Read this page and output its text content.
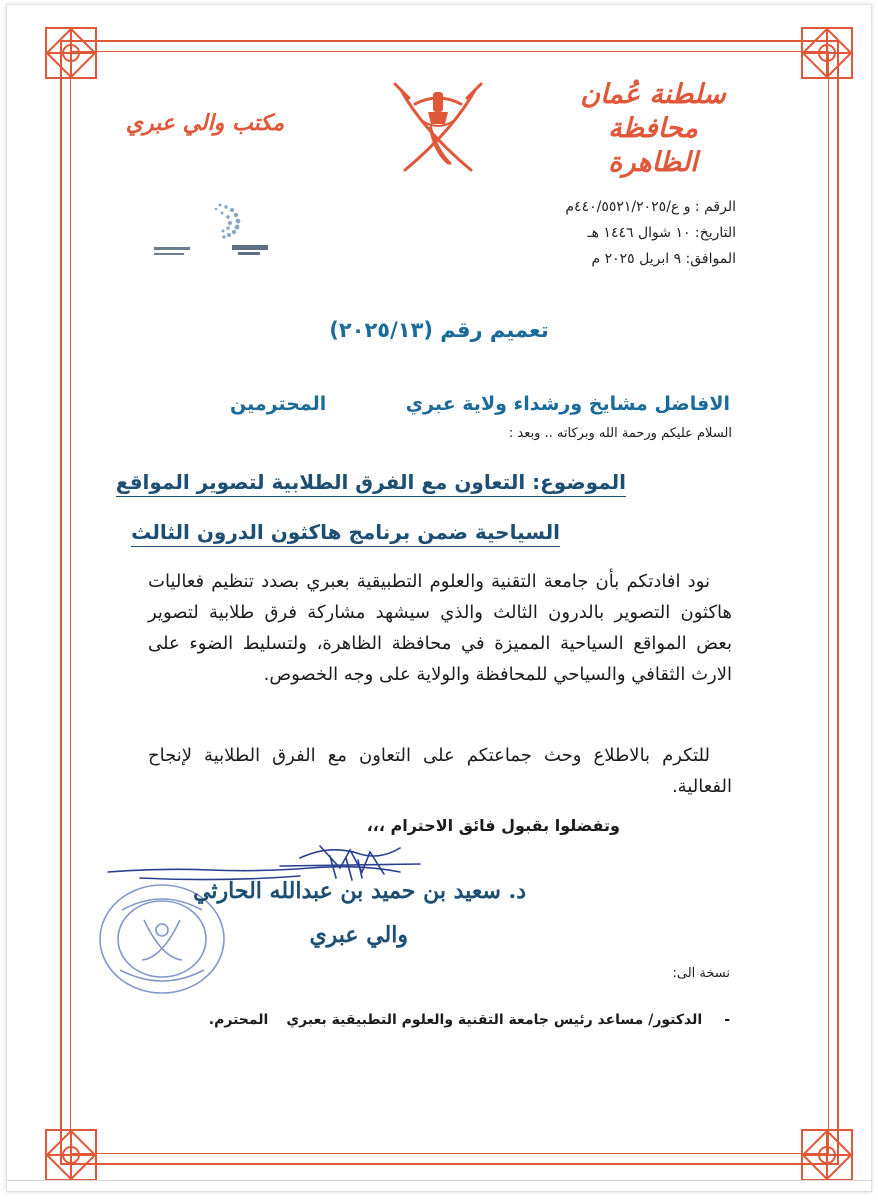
سلطنة عُمان
محافظة الظاهرة
مكتب والي عبري
الرقم : و ع/٤٤٠/٥٥٢١/٢٠٢٥م
التاريخ: ١٠ شوال ١٤٤٦ هـ
الموافق: ٩ ابريل ٢٠٢٥ م
تعميم رقم (٢٠٢٥/١٣)
الافاضل مشايخ ورشداء ولاية عبري
المحترمين
السلام عليكم ورحمة الله وبركاته .. وبعد :
الموضوع: التعاون مع الفرق الطلابية لتصوير المواقع
السياحية ضمن برنامج هاكثون الدرون الثالث
نود افادتكم بأن جامعة التقنية والعلوم التطبيقية بعبري بصدد تنظيم فعاليات هاكثون التصوير بالدرون الثالث والذي سيشهد مشاركة فرق طلابية لتصوير بعض المواقع السياحية المميزة في محافظة الظاهرة، ولتسليط الضوء على الارث الثقافي والسياحي للمحافظة والولاية على وجه الخصوص.
للتكرم بالاطلاع وحث جماعتكم على التعاون مع الفرق الطلابية لإنجاح الفعالية.
وتفضلوا بقبول فائق الاحترام ،،،
د. سعيد بن حميد بن عبدالله الحارثي
والي عبري
نسخة الى:
-الدكتور/ مساعد رئيس جامعة التقنية والعلوم التطبيقية بعبريالمحترم.
